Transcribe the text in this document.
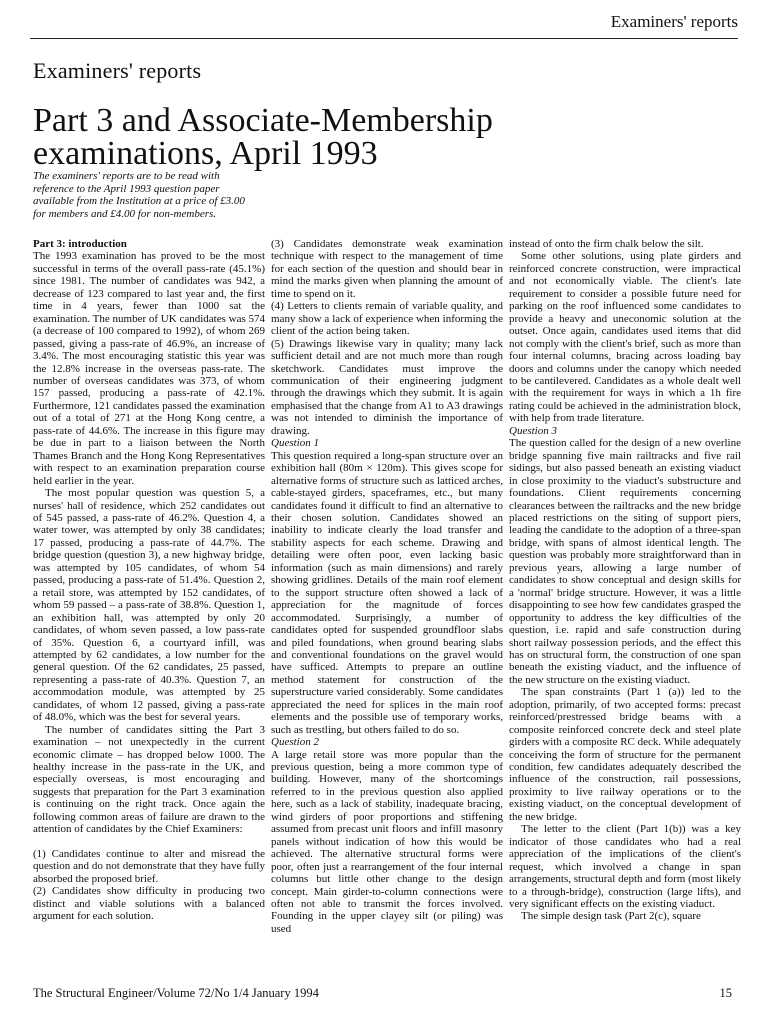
Examiners' reports
Examiners' reports
Part 3 and Associate-Membership examinations, April 1993

The examiners' reports are to be read with reference to the April 1993 question paper available from the Institution at a price of £3.00 for members and £4.00 for non-members.

Part 3: introduction

The 1993 examination has proved to be the most successful in terms of the overall pass-rate (45.1%) since 1981. The number of candidates was 942, a decrease of 123 compared to last year and, the first time in 4 years, fewer than 1000 sat the examination. The number of UK candidates was 574 (a decrease of 100 compared to 1992), of whom 269 passed, giving a pass-rate of 46.9%, an increase of 3.4%. The most encouraging statistic this year was the 12.8% increase in the overseas pass-rate. The number of overseas candidates was 373, of whom 157 passed, producing a pass-rate of 42.1%. Furthermore, 121 candidates passed the examination out of a total of 271 at the Hong Kong centre, a pass-rate of 44.6%. The increase in this figure may be due in part to a liaison between the North Thames Branch and the Hong Kong Representatives with respect to an examination preparation course held earlier in the year.

The most popular question was question 5, a nurses' hall of residence, which 252 candidates out of 545 passed, a pass-rate of 46.2%. Question 4, a water tower, was attempted by only 38 candidates; 17 passed, producing a pass-rate of 44.7%. The bridge question (question 3), a new highway bridge, was attempted by 105 candidates, of whom 54 passed, producing a pass-rate of 51.4%. Question 2, a retail store, was attempted by 152 candidates, of whom 59 passed – a pass-rate of 38.8%. Question 1, an exhibition hall, was attempted by only 20 candidates, of whom seven passed, a low pass-rate of 35%. Question 6, a courtyard infill, was attempted by 62 candidates, a low number for the general question. Of the 62 candidates, 25 passed, representing a pass-rate of 40.3%. Question 7, an accommodation module, was attempted by 25 candidates, of whom 12 passed, giving a pass-rate of 48.0%, which was the best for several years.

The number of candidates sitting the Part 3 examination – not unexpectedly in the current economic climate – has dropped below 1000. The healthy increase in the pass-rate in the UK, and especially overseas, is most encouraging and suggests that preparation for the Part 3 examination is continuing on the right track. Once again the following common areas of failure are drawn to the attention of candidates by the Chief Examiners:

(1) Candidates continue to alter and misread the question and do not demonstrate that they have fully absorbed the proposed brief.

(2) Candidates show difficulty in producing two distinct and viable solutions with a balanced argument for each solution.

(3) Candidates demonstrate weak examination technique with respect to the management of time for each section of the question and should bear in mind the marks given when planning the amount of time to spend on it.

(4) Letters to clients remain of variable quality, and many show a lack of experience when informing the client of the action being taken.

(5) Drawings likewise vary in quality; many lack sufficient detail and are not much more than rough sketchwork. Candidates must improve the communication of their engineering judgment through the drawings which they submit. It is again emphasised that the change from A1 to A3 drawings was not intended to diminish the importance of drawing.

Question 1

This question required a long-span structure over an exhibition hall (80m × 120m). This gives scope for alternative forms of structure such as latticed arches, cable-stayed girders, spaceframes, etc., but many candidates found it difficult to find an alternative to their chosen solution. Candidates showed an inability to indicate clearly the load transfer and stability aspects for each scheme. Drawing and detailing were often poor, even lacking basic information (such as main dimensions) and rarely showing gridlines. Details of the main roof element to the support structure often showed a lack of appreciation for the magnitude of forces accommodated. Surprisingly, a number of candidates opted for suspended groundfloor slabs and piled foundations, when ground bearing slabs and conventional foundations on the gravel would have sufficed. Attempts to prepare an outline method statement for construction of the superstructure varied considerably. Some candidates appreciated the need for splices in the main roof elements and the possible use of temporary works, such as trestling, but others failed to do so.

Question 2

A large retail store was more popular than the previous question, being a more common type of building. However, many of the shortcomings referred to in the previous question also applied here, such as a lack of stability, inadequate bracing, wind girders of poor proportions and stiffening assumed from precast unit floors and infill masonry panels without indication of how this would be achieved. The alternative structural forms were poor, often just a rearrangement of the four internal columns but little other change to the design concept. Main girder-to-column connections were often not able to transmit the forces involved. Founding in the upper clayey silt (or piling) was used

instead of onto the firm chalk below the silt.

Some other solutions, using plate girders and reinforced concrete construction, were impractical and not economically viable. The client's late requirement to consider a possible future need for parking on the roof influenced some candidates to provide a heavy and uneconomic solution at the outset. Once again, candidates used items that did not comply with the client's brief, such as more than four internal columns, bracing across loading bay doors and columns under the canopy which needed to be cantilevered. Candidates as a whole dealt well with the requirement for ways in which a 1h fire rating could be achieved in the administration block, with help from trade literature.

Question 3

The question called for the design of a new overline bridge spanning five main railtracks and five rail sidings, but also passed beneath an existing viaduct in close proximity to the viaduct's substructure and foundations. Client requirements concerning clearances between the railtracks and the new bridge placed restrictions on the siting of support piers, leading the candidate to the adoption of a three-span bridge, with spans of almost identical length. The question was probably more straightforward than in previous years, allowing a large number of candidates to show conceptual and design skills for a 'normal' bridge structure. However, it was a little disappointing to see how few candidates grasped the opportunity to address the key difficulties of the question, i.e. rapid and safe construction during short railway possession periods, and the effect this has on structural form, the construction of one span beneath the existing viaduct, and the influence of the new structure on the existing viaduct.

The span constraints (Part 1 (a)) led to the adoption, primarily, of two accepted forms: precast reinforced/prestressed bridge beams with a composite reinforced concrete deck and steel plate girders with a composite RC deck. While adequately conceiving the form of structure for the permanent condition, few candidates adequately described the influence of the construction, rail possessions, proximity to live railway operations or to the existing viaduct, on the conceptual development of the new bridge.

The letter to the client (Part 1(b)) was a key indicator of those candidates who had a real appreciation of the implications of the client's request, which involved a change in span arrangements, structural depth and form (most likely to a through-bridge), construction (large lifts), and very significant effects on the existing viaduct.

The simple design task (Part 2(c), square

The Structural Engineer/Volume 72/No 1/4 January 1994	15
